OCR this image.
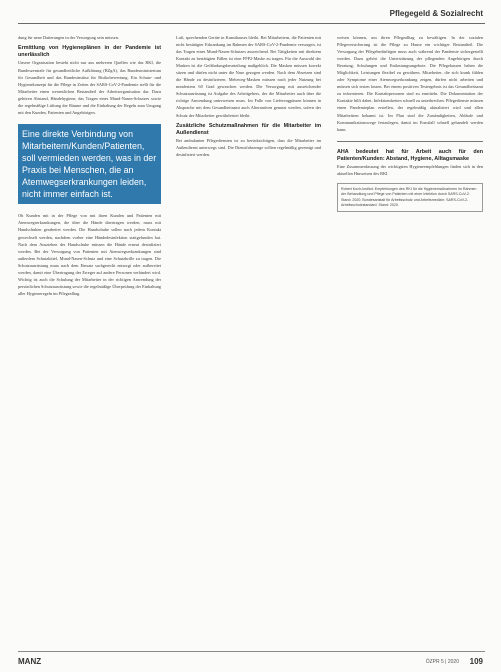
Pflegegeld & Sozialrecht

dung für neue Datierungen in der Versorgung sein müssen.

Ermittlung von Hygieneplänen in der Pandemie ist unerlässlich

Unsere Organisation besteht nicht nur aus mehreren Quellen wie das RKI, die Bundeszentrale für gesundheitliche Aufklärung (BZgA), das Bundesministerium für Gesundheit und das Bundesinstitut für Risikobewertung. Ein Schutz- und Hygienekonzept für die Pflege in Zeiten der SARS-CoV-2-Pandemie stellt für die Mitarbeiter einen wesentlichen Bestandteil der Arbeitsorganisation dar. Dazu gehören Abstand, Händehygiene, das Tragen eines Mund-Nasen-Schutzes sowie die regelmäßige Lüftung der Räume und die Einhaltung der Regeln zum Umgang mit den Kunden, Patienten und Angehörigen.

Eine direkte Verbindung von Mitarbeitern/Kunden/Patienten, soll vermieden werden, was in der Praxis bei Menschen, die an Atemwegserkrankungen leiden, nicht immer einfach ist.

Ob Kunden mit in der Pflege von mit ihren Kunden und Patienten mit Atemwegserkrankungen, die über die Hände übertragen werden, muss mit Handschuhen gearbeitet werden. Die Handschuhe sollen nach jedem Kontakt gewechselt werden, nachdem vorher eine Händedesinfektion stattgefunden hat. Nach dem Ausziehen der Handschuhe müssen die Hände erneut desinfiziert werden. Bei der Versorgung von Patienten mit Atemwegserkrankungen sind außerdem Schutzkittel, Mund-Nasen-Schutz und eine Schutzbrille zu tragen. Die Schutzausrüstung muss nach dem Einsatz sachgerecht entsorgt oder aufbereitet werden, damit eine Übertragung der Erreger auf andere Personen verhindert wird. Wichtig ist auch die Schulung der Mitarbeiter in der richtigen Anwendung der persönlichen Schutzausrüstung sowie die regelmäßige Überprüfung der Einhaltung aller Hygieneregeln im Pflegealltag.

Luft, sprechenden Geräte in Kunsthauses bleibt. Bei Mitarbeitern, die Patienten mit nicht bestätigter Erkrankung im Rahmen der SARS-CoV-2-Pandemie versorgen, ist das Tragen eines Mund-Nasen-Schutzes ausreichend. Bei Tätigkeiten mit direktem Kontakt zu bestätigten Fällen ist eine FFP2-Maske zu tragen. Für die Auswahl der Masken ist die Gefährdungsbeurteilung maßgeblich. Die Masken müssen korrekt sitzen und dürfen nicht unter die Nase gezogen werden. Nach dem Absetzen sind die Hände zu desinfizieren. Mehrweg-Masken müssen nach jeder Nutzung bei mindestens 60 Grad gewaschen werden. Die Versorgung mit ausreichender Schutzausrüstung ist Aufgabe des Arbeitgebers, der die Mitarbeiter auch über die richtige Anwendung unterweisen muss. Im Falle von Lieferengpässen können in Absprache mit dem Gesundheitsamt auch Alternativen genutzt werden, sofern der Schutz der Mitarbeiter gewährleistet bleibt.

Zusätzliche Schutzmaßnahmen für die Mitarbeiter im Außendienst

Bei ambulanten Pflegediensten ist zu berücksichtigen, dass die Mitarbeiter im Außendienst unterwegs sind. Die Dienstfahrzeuge sollten regelmäßig gereinigt und desinfiziert werden.

weisen können, um ihren Pflegealltag zu bewältigen. In der sozialen Pflegeversicherung ist die Pflege zu Hause ein wichtiger Bestandteil. Die Versorgung der Pflegebedürftigen muss auch während der Pandemie sichergestellt werden. Dazu gehört die Unterstützung der pflegenden Angehörigen durch Beratung, Schulungen und Entlastungsangebote. Die Pflegekassen haben die Möglichkeit, Leistungen flexibel zu gewähren. Mitarbeiter, die sich krank fühlen oder Symptome einer Atemwegserkrankung zeigen, dürfen nicht arbeiten und müssen sich testen lassen. Bei einem positiven Testergebnis ist das Gesundheitsamt zu informieren. Die Kontaktpersonen sind zu ermitteln. Die Dokumentation der Kontakte hilft dabei, Infektionsketten schnell zu unterbrechen. Pflegedienste müssen einen Pandemieplan erstellen, der regelmäßig aktualisiert wird und allen Mitarbeitern bekannt ist. Im Plan sind die Zuständigkeiten, Abläufe und Kommunikationswege festzulegen, damit im Ernstfall schnell gehandelt werden kann.

AHA bedeutet hat für Arbeit auch für den Patienten/Kunden: Abstand, Hygiene, Alltagsmaske

Eine Zusammenfassung der wichtigsten Hygieneempfehlungen finden sich in den aktuellen Hinweisen des RKI.

Robert Koch-Institut: Empfehlungen des RKI für die Hygienemaßnahmen im Rahmen der Behandlung und Pflege von Patienten mit einer Infektion durch SARS-CoV-2. Stand: 2020. Bundesanstalt für Arbeitsschutz und Arbeitsmedizin: SARS-CoV-2-Arbeitsschutzstandard. Stand: 2020.
MANZ	ÖZPR 5 | 2020 109
